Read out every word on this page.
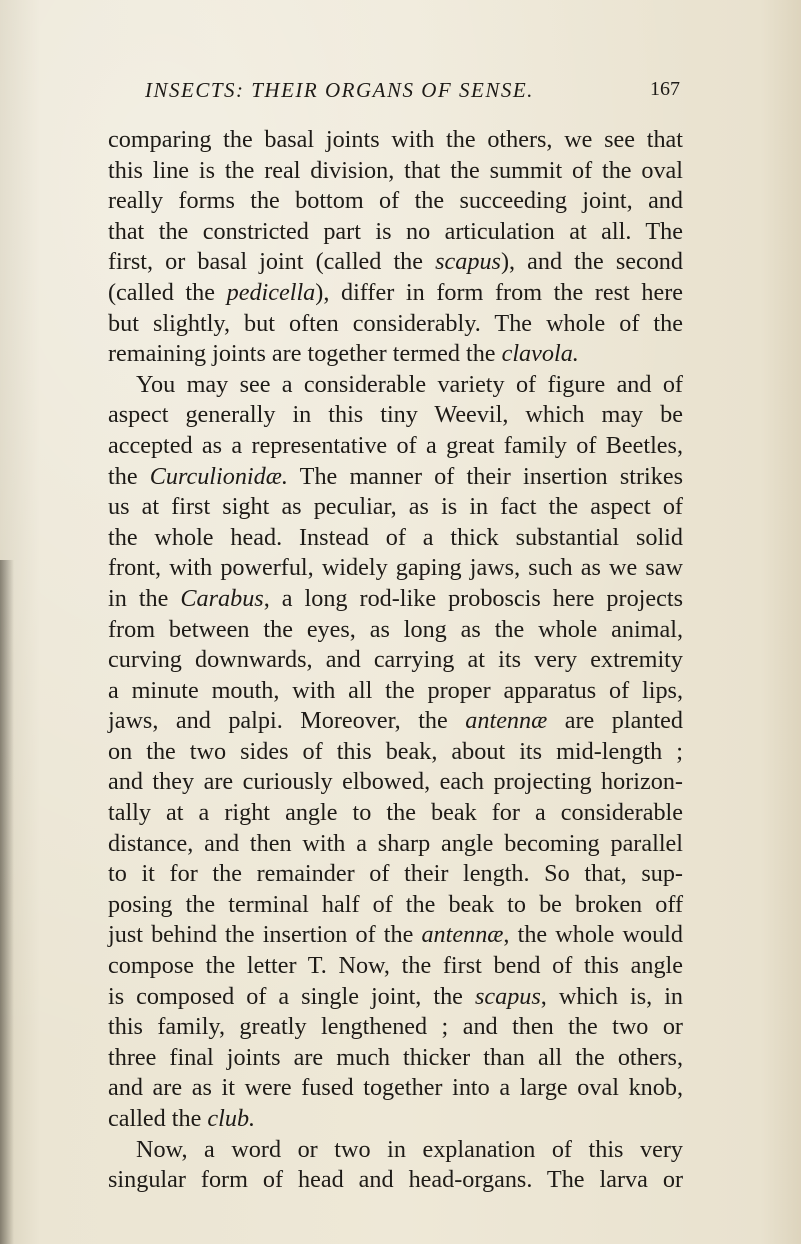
INSECTS: THEIR ORGANS OF SENSE.	167
comparing the basal joints with the others, we see that
this line is the real division, that the summit of the oval
really forms the bottom of the succeeding joint, and
that the constricted part is no articulation at all. The
first, or basal joint (called the scapus), and the second
(called the pedicella), differ in form from the rest here
but slightly, but often considerably. The whole of the
remaining joints are together termed the clavola.
You may see a considerable variety of figure and of
aspect generally in this tiny Weevil, which may be
accepted as a representative of a great family of Beetles,
the Curculionidæ. The manner of their insertion strikes
us at first sight as peculiar, as is in fact the aspect of
the whole head. Instead of a thick substantial solid
front, with powerful, widely gaping jaws, such as we saw
in the Carabus, a long rod-like proboscis here projects
from between the eyes, as long as the whole animal,
curving downwards, and carrying at its very extremity
a minute mouth, with all the proper apparatus of lips,
jaws, and palpi. Moreover, the antennæ are planted
on the two sides of this beak, about its mid-length ;
and they are curiously elbowed, each projecting horizon-
tally at a right angle to the beak for a considerable
distance, and then with a sharp angle becoming parallel
to it for the remainder of their length. So that, sup-
posing the terminal half of the beak to be broken off
just behind the insertion of the antennæ, the whole would
compose the letter T. Now, the first bend of this angle
is composed of a single joint, the scapus, which is, in
this family, greatly lengthened ; and then the two or
three final joints are much thicker than all the others,
and are as it were fused together into a large oval knob,
called the club.
Now, a word or two in explanation of this very
singular form of head and head-organs. The larva or
